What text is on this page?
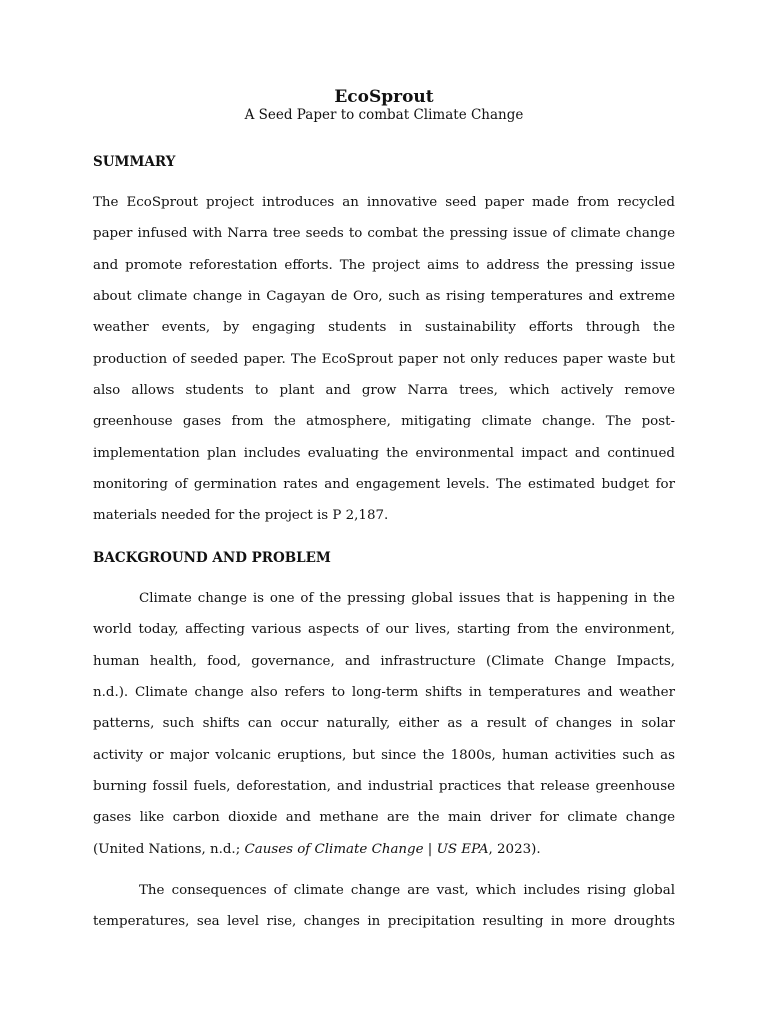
EcoSprout
A Seed Paper to combat Climate Change
SUMMARY

The EcoSprout project introduces an innovative seed paper made from recycled
paper infused with Narra tree seeds to combat the pressing issue of climate change
and promote reforestation efforts. The project aims to address the pressing issue
about climate change in Cagayan de Oro, such as rising temperatures and extreme
weather events, by engaging students in sustainability efforts through the
production of seeded paper. The EcoSprout paper not only reduces paper waste but
also allows students to plant and grow Narra trees, which actively remove
greenhouse gases from the atmosphere, mitigating climate change. The post-
implementation plan includes evaluating the environmental impact and continued
monitoring of germination rates and engagement levels. The estimated budget for
materials needed for the project is P 2,187.

BACKGROUND AND PROBLEM

Climate change is one of the pressing global issues that is happening in the
world today, affecting various aspects of our lives, starting from the environment,
human health, food, governance, and infrastructure (Climate Change Impacts,
n.d.). Climate change also refers to long-term shifts in temperatures and weather
patterns, such shifts can occur naturally, either as a result of changes in solar
activity or major volcanic eruptions, but since the 1800s, human activities such as
burning fossil fuels, deforestation, and industrial practices that release greenhouse
gases like carbon dioxide and methane are the main driver for climate change
(United Nations, n.d.; Causes of Climate Change | US EPA, 2023).

The consequences of climate change are vast, which includes rising global
temperatures, sea level rise, changes in precipitation resulting in more droughts
